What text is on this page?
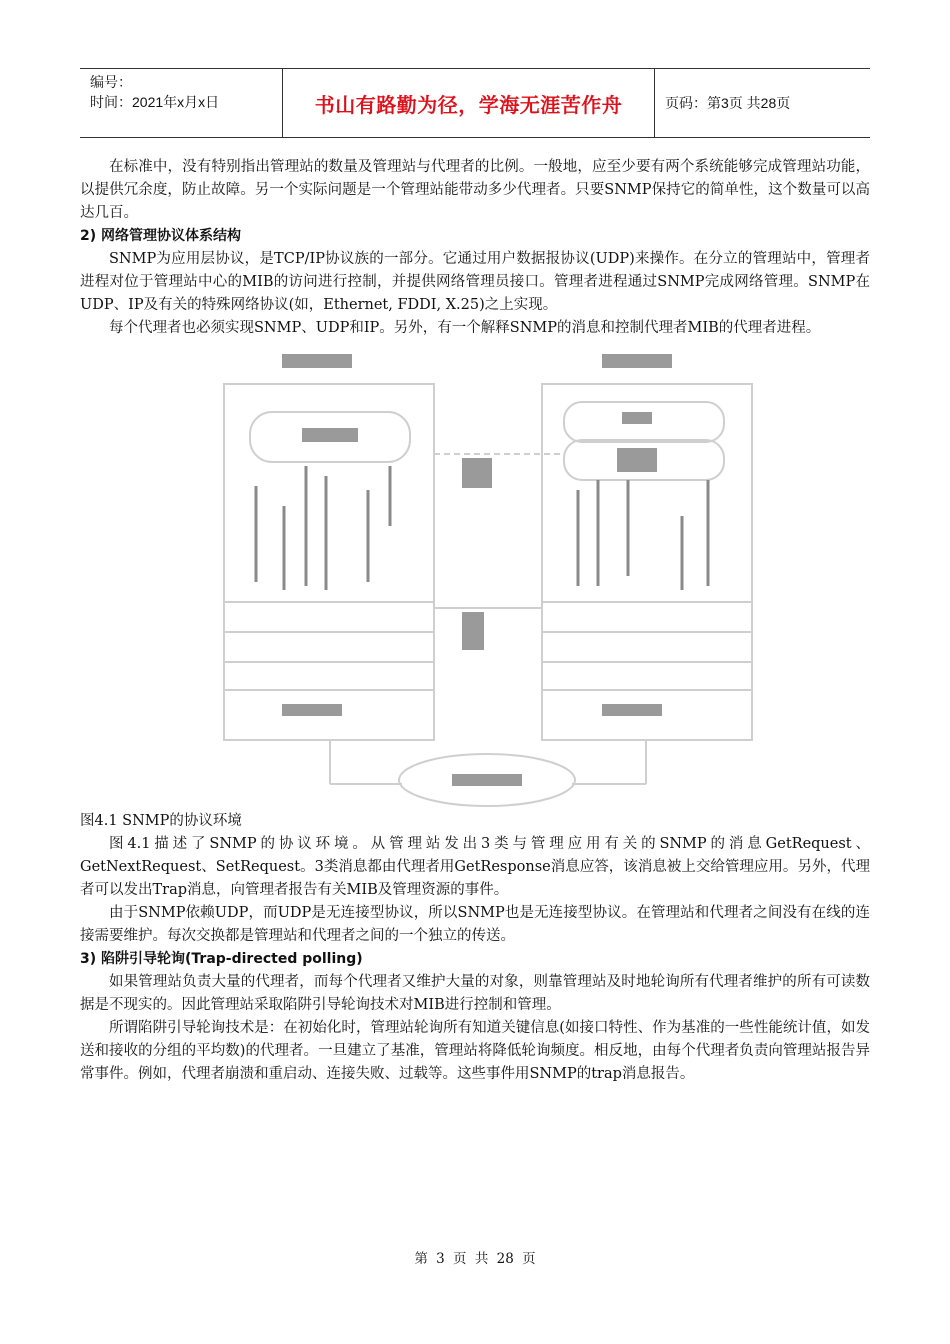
编号：
时间：2021年x月x日	书山有路勤为径，学海无涯苦作舟	页码：第3页 共28页

在标准中，没有特别指出管理站的数量及管理站与代理者的比例。一般地，应至少要有两个系统能够完成管理站功能，以提供冗余度，防止故障。另一个实际问题是一个管理站能带动多少代理者。只要SNMP保持它的简单性，这个数量可以高达几百。

2) 网络管理协议体系结构

SNMP为应用层协议，是TCP/IP协议族的一部分。它通过用户数据报协议(UDP)来操作。在分立的管理站中，管理者进程对位于管理站中心的MIB的访问进行控制，并提供网络管理员接口。管理者进程通过SNMP完成网络管理。SNMP在UDP、IP及有关的特殊网络协议(如，Ethernet, FDDI, X.25)之上实现。

每个代理者也必须实现SNMP、UDP和IP。另外，有一个解释SNMP的消息和控制代理者MIB的代理者进程。

图4.1 SNMP的协议环境

图4.1描述了SNMP的协议环境。从管理站发出3类与管理应用有关的SNMP的消息GetRequest、GetNextRequest、SetRequest。3类消息都由代理者用GetResponse消息应答，该消息被上交给管理应用。另外，代理者可以发出Trap消息，向管理者报告有关MIB及管理资源的事件。

由于SNMP依赖UDP，而UDP是无连接型协议，所以SNMP也是无连接型协议。在管理站和代理者之间没有在线的连接需要维护。每次交换都是管理站和代理者之间的一个独立的传送。

3) 陷阱引导轮询(Trap-directed polling)

如果管理站负责大量的代理者，而每个代理者又维护大量的对象，则靠管理站及时地轮询所有代理者维护的所有可读数据是不现实的。因此管理站采取陷阱引导轮询技术对MIB进行控制和管理。

所谓陷阱引导轮询技术是：在初始化时，管理站轮询所有知道关键信息(如接口特性、作为基准的一些性能统计值，如发送和接收的分组的平均数)的代理者。一旦建立了基准，管理站将降低轮询频度。相反地，由每个代理者负责向管理站报告异常事件。例如，代理者崩溃和重启动、连接失败、过载等。这些事件用SNMP的trap消息报告。

第 3 页 共 28 页
